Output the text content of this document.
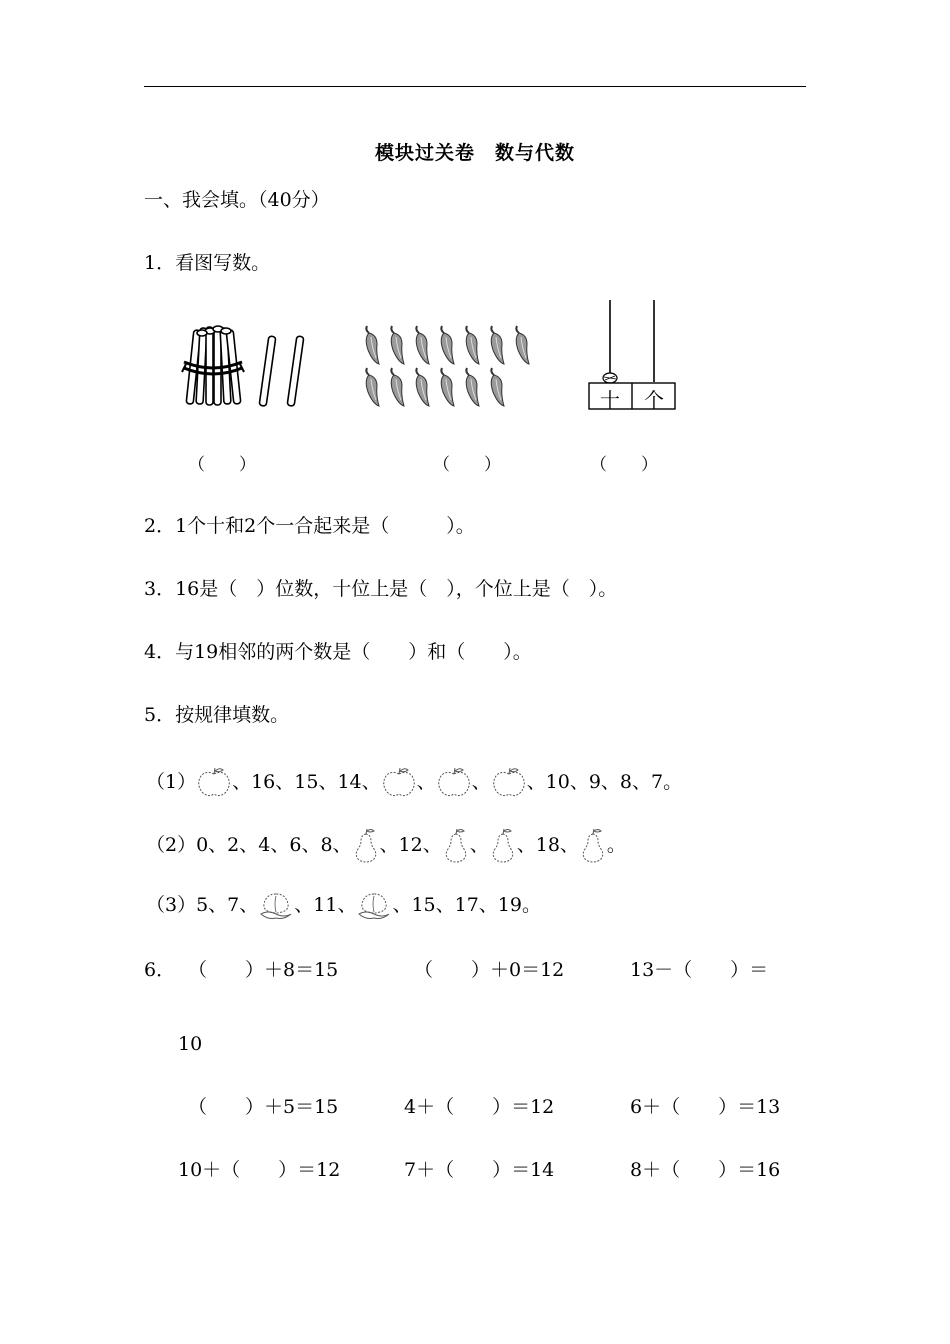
模块过关卷　数与代数
一、我会填。（40分）
1．看图写数。
十 个
（　　）	（　　）	（　　）
2．1个十和2个一合起来是（　　　）。
3．16是（　）位数，十位上是（　），个位上是（　）。
4．与19相邻的两个数是（　　）和（　　）。
5．按规律填数。
（1） 、16、15、14、 、 、 、10、9、8、7。
（2）0、2、4、6、8、 、12、 、 、18、 。
（3）5、7、 、11、 、15、17、19。
6． （　　）＋8＝15	（　　）＋0＝12	13－（　　）＝
10
（　　）＋5＝15	4＋（　　）＝12	6＋（　　）＝13
10＋（　　）＝12	7＋（　　）＝14	8＋（　　）＝16
